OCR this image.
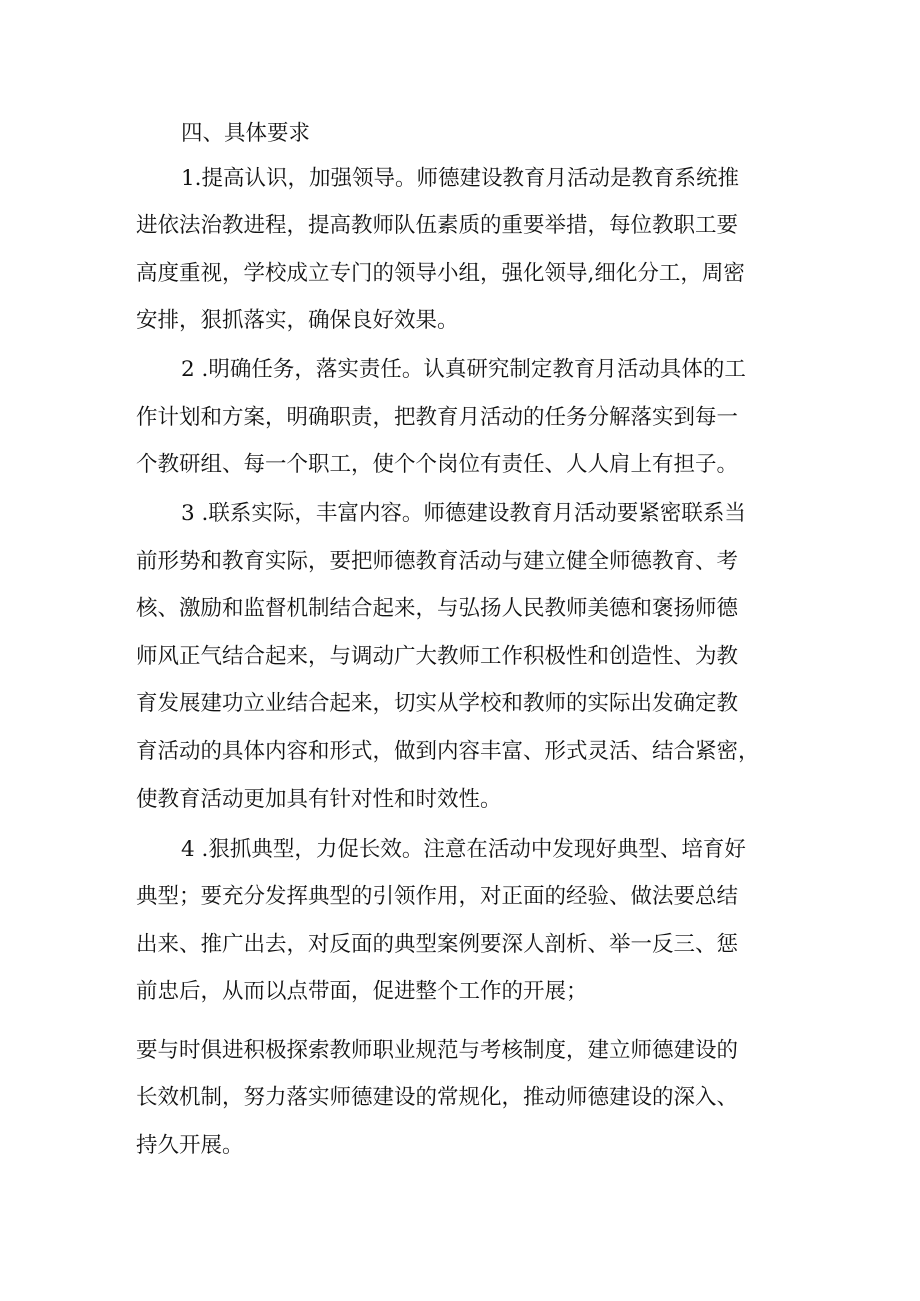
四、具体要求
1.提高认识，加强领导。师德建设教育月活动是教育系统推
进依法治教进程，提高教师队伍素质的重要举措，每位教职工要
高度重视，学校成立专门的领导小组，强化领导,细化分工，周密
安排，狠抓落实，确保良好效果。
2 .明确任务，落实责任。认真研究制定教育月活动具体的工
作计划和方案，明确职责，把教育月活动的任务分解落实到每一
个教研组、每一个职工，使个个岗位有责任、人人肩上有担子。
3 .联系实际，丰富内容。师德建设教育月活动要紧密联系当
前形势和教育实际，要把师德教育活动与建立健全师德教育、考
核、激励和监督机制结合起来，与弘扬人民教师美德和褒扬师德
师风正气结合起来，与调动广大教师工作积极性和创造性、为教
育发展建功立业结合起来，切实从学校和教师的实际出发确定教
育活动的具体内容和形式，做到内容丰富、形式灵活、结合紧密，
使教育活动更加具有针对性和时效性。
4 .狠抓典型，力促长效。注意在活动中发现好典型、培育好
典型；要充分发挥典型的引领作用，对正面的经验、做法要总结
出来、推广出去，对反面的典型案例要深人剖析、举一反三、惩
前忠后，从而以点带面，促进整个工作的开展；
要与时俱进积极探索教师职业规范与考核制度，建立师德建设的
长效机制，努力落实师德建设的常规化，推动师德建设的深入、
持久开展。
